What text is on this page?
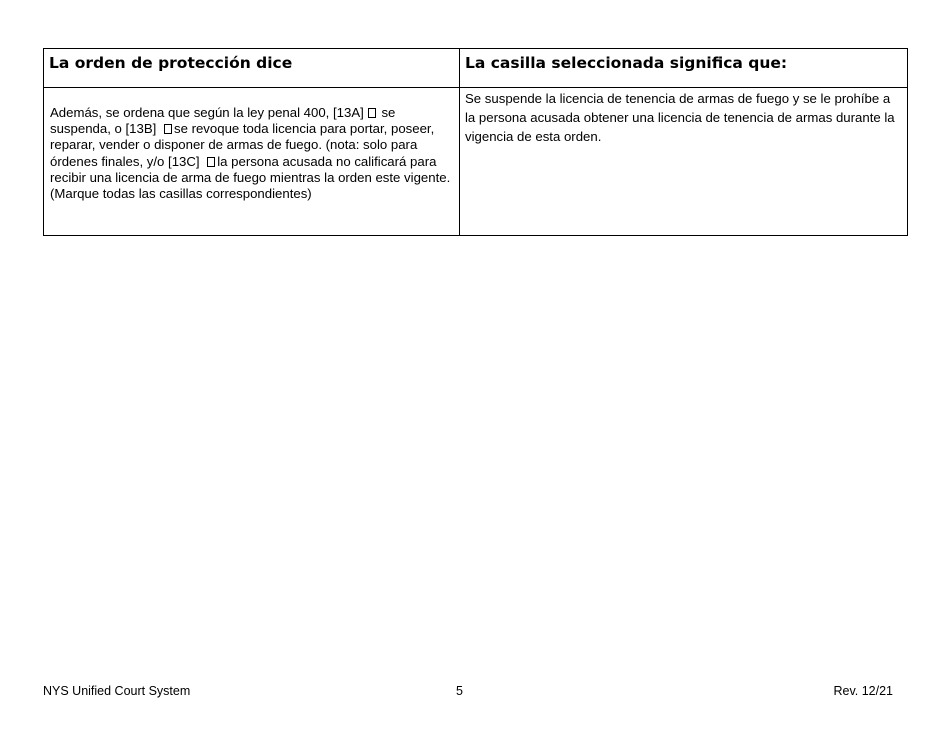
La orden de protección dice	La casilla seleccionada significa que:
Además, se ordena que según la ley penal 400, [13A] se suspenda, o [13B] se revoque toda licencia para portar, poseer, reparar, vender o disponer de armas de fuego. (nota: solo para órdenes finales, y/o [13C] la persona acusada no calificará para recibir una licencia de arma de fuego mientras la orden este vigente. (Marque todas las casillas correspondientes)	Se suspende la licencia de tenencia de armas de fuego y se le prohíbe a la persona acusada obtener una licencia de tenencia de armas durante la vigencia de esta orden.
NYS Unified Court System	5	Rev. 12/21
